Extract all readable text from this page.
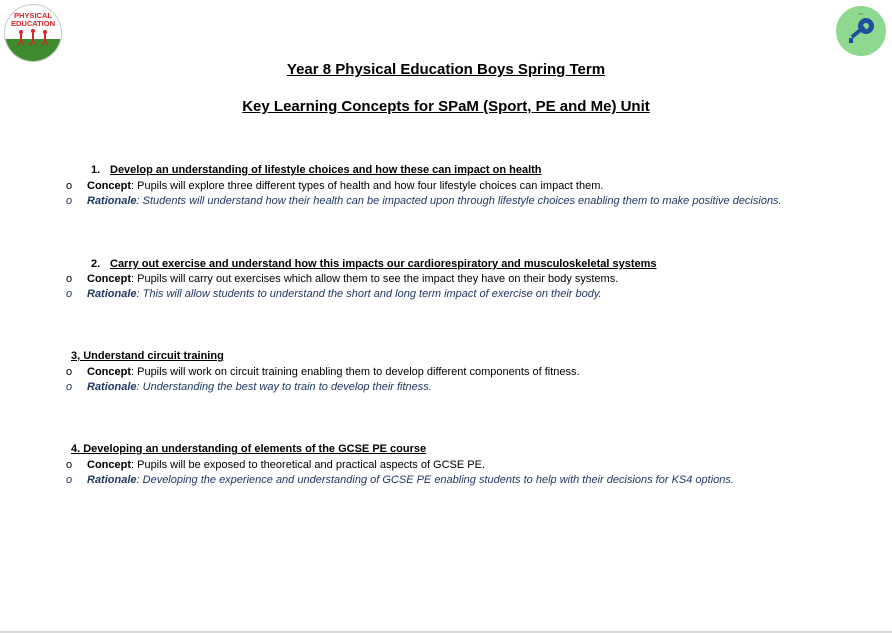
PHYSICAL
EDUCATION
•••
Year 8 Physical Education Boys Spring Term
Key Learning Concepts for SPaM (Sport, PE and Me) Unit
1. Develop an understanding of lifestyle choices and how these can impact on health
o Concept: Pupils will explore three different types of health and how four lifestyle choices can impact them.
o Rationale: Students will understand how their health can be impacted upon through lifestyle choices enabling them to make positive decisions.
2. Carry out exercise and understand how this impacts our cardiorespiratory and musculoskeletal systems
o Concept: Pupils will carry out exercises which allow them to see the impact they have on their body systems.
o Rationale: This will allow students to understand the short and long term impact of exercise on their body.
3, Understand circuit training
o Concept: Pupils will work on circuit training enabling them to develop different components of fitness.
o Rationale: Understanding the best way to train to develop their fitness.
4. Developing an understanding of elements of the GCSE PE course
o Concept: Pupils will be exposed to theoretical and practical aspects of GCSE PE.
o Rationale: Developing the experience and understanding of GCSE PE enabling students to help with their decisions for KS4 options.
